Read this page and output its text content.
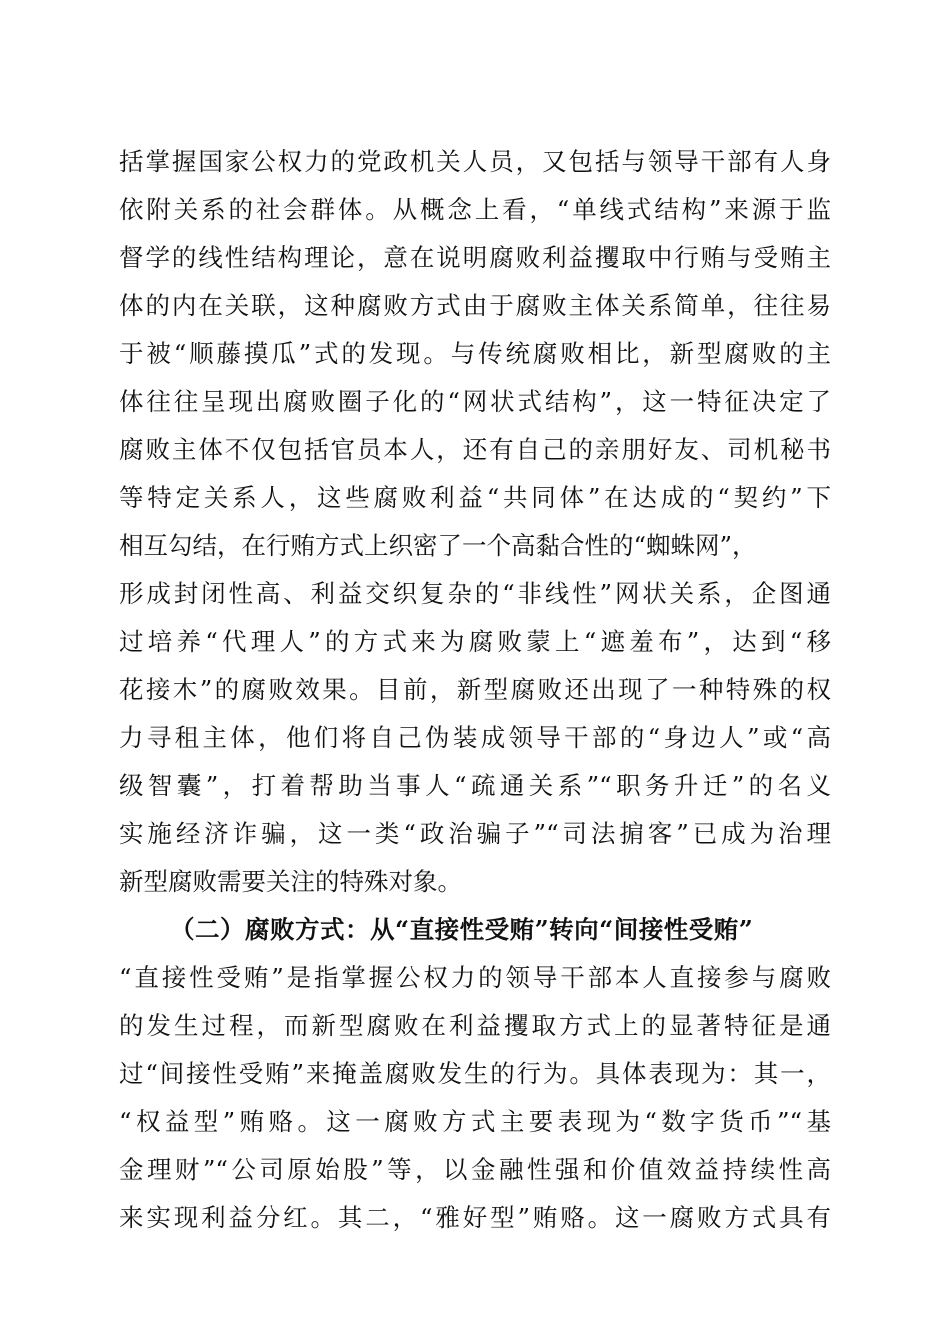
括掌握国家公权力的党政机关人员，又包括与领导干部有人身
依附关系的社会群体。从概念上看，“单线式结构”来源于监
督学的线性结构理论，意在说明腐败利益攫取中行贿与受贿主
体的内在关联，这种腐败方式由于腐败主体关系简单，往往易
于被“顺藤摸瓜”式的发现。与传统腐败相比，新型腐败的主
体往往呈现出腐败圈子化的“网状式结构”，这一特征决定了
腐败主体不仅包括官员本人，还有自己的亲朋好友、司机秘书
等特定关系人，这些腐败利益“共同体”在达成的“契约”下
相互勾结，在行贿方式上织密了一个高黏合性的“蜘蛛网”，
形成封闭性高、利益交织复杂的“非线性”网状关系，企图通
过培养“代理人”的方式来为腐败蒙上“遮羞布”，达到“移
花接木”的腐败效果。目前，新型腐败还出现了一种特殊的权
力寻租主体，他们将自己伪装成领导干部的“身边人”或“高
级智囊”，打着帮助当事人“疏通关系”“职务升迁”的名义
实施经济诈骗，这一类“政治骗子”“司法掮客”已成为治理
新型腐败需要关注的特殊对象。
（二）腐败方式：从“直接性受贿”转向“间接性受贿”
“直接性受贿”是指掌握公权力的领导干部本人直接参与腐败
的发生过程，而新型腐败在利益攫取方式上的显著特征是通
过“间接性受贿”来掩盖腐败发生的行为。具体表现为：其一，
“权益型”贿赂。这一腐败方式主要表现为“数字货币”“基
金理财”“公司原始股”等，以金融性强和价值效益持续性高
来实现利益分红。其二，“雅好型”贿赂。这一腐败方式具有
